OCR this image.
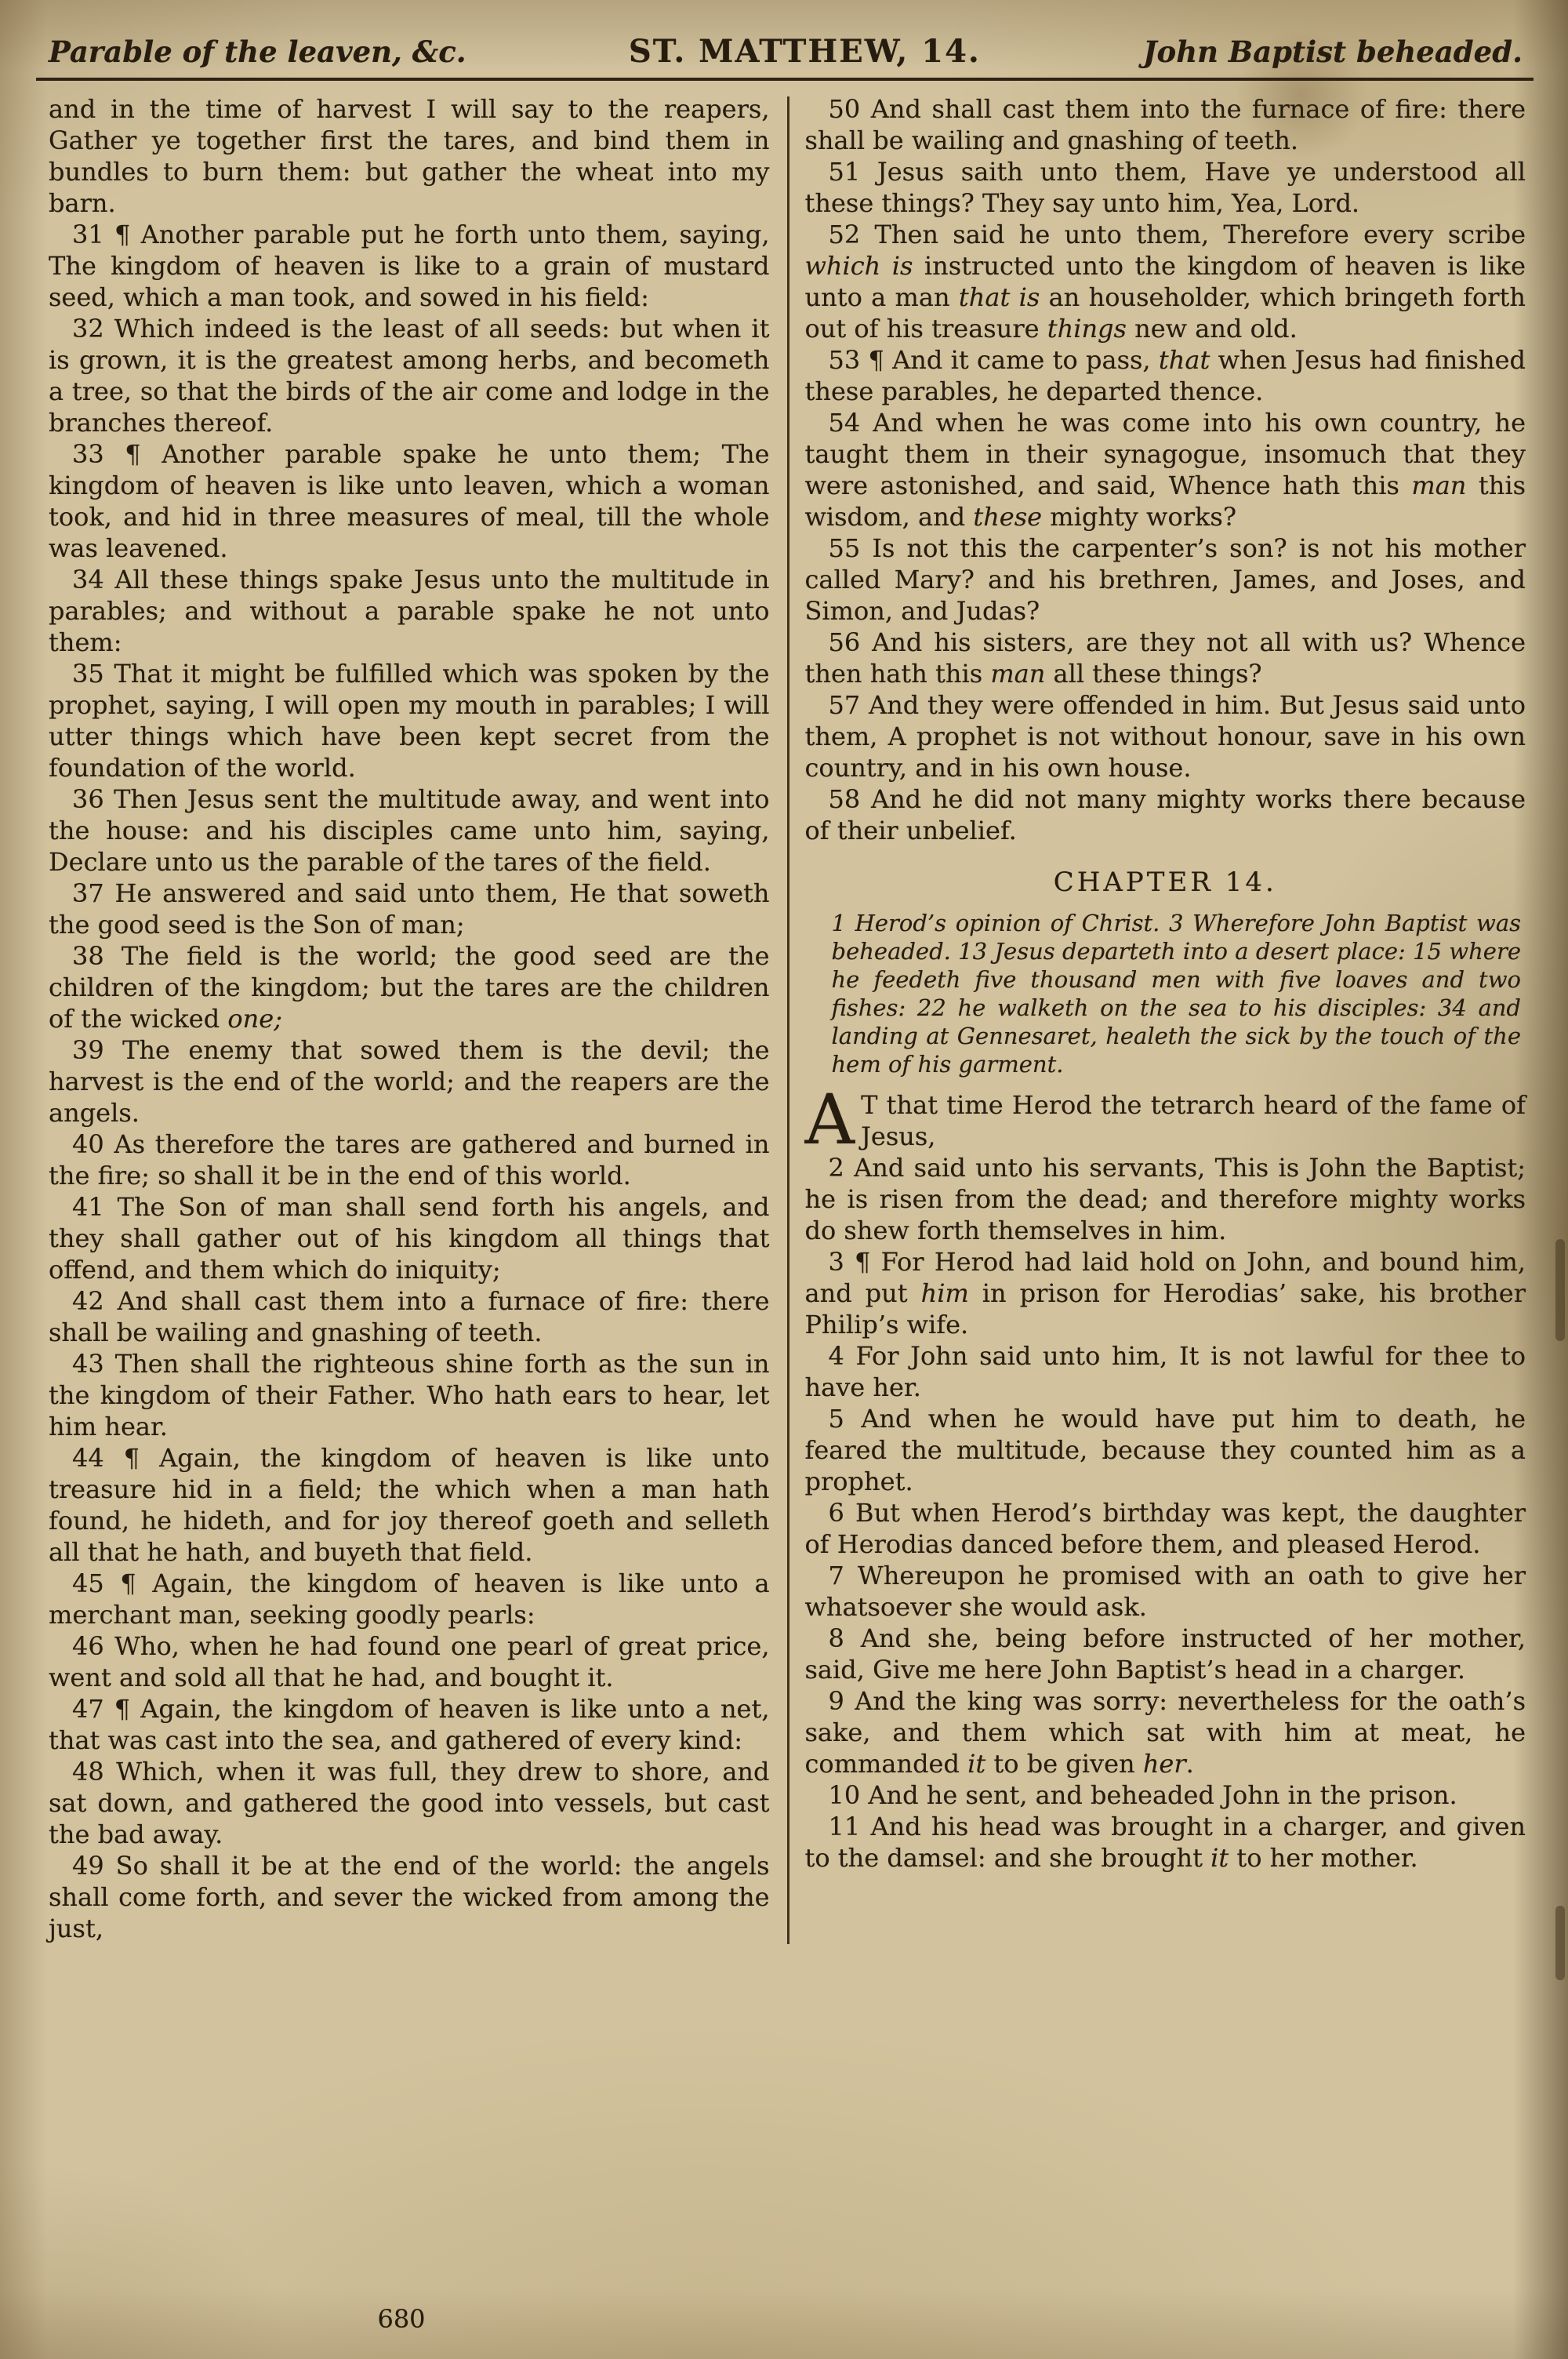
Parable of the leaven, &c.	ST. MATTHEW, 14.	John Baptist beheaded.

and in the time of harvest I will say to the reapers, Gather ye together first the tares, and bind them in bundles to burn them: but gather the wheat into my barn.

31 ¶ Another parable put he forth unto them, saying, The kingdom of heaven is like to a grain of mustard seed, which a man took, and sowed in his field:

32 Which indeed is the least of all seeds: but when it is grown, it is the greatest among herbs, and becometh a tree, so that the birds of the air come and lodge in the branches thereof.

33 ¶ Another parable spake he unto them; The kingdom of heaven is like unto leaven, which a woman took, and hid in three measures of meal, till the whole was leavened.

34 All these things spake Jesus unto the multitude in parables; and without a parable spake he not unto them:

35 That it might be fulfilled which was spoken by the prophet, saying, I will open my mouth in parables; I will utter things which have been kept secret from the foundation of the world.

36 Then Jesus sent the multitude away, and went into the house: and his disciples came unto him, saying, Declare unto us the parable of the tares of the field.

37 He answered and said unto them, He that soweth the good seed is the Son of man;

38 The field is the world; the good seed are the children of the kingdom; but the tares are the children of the wicked one;

39 The enemy that sowed them is the devil; the harvest is the end of the world; and the reapers are the angels.

40 As therefore the tares are gathered and burned in the fire; so shall it be in the end of this world.

41 The Son of man shall send forth his angels, and they shall gather out of his kingdom all things that offend, and them which do iniquity;

42 And shall cast them into a furnace of fire: there shall be wailing and gnashing of teeth.

43 Then shall the righteous shine forth as the sun in the kingdom of their Father. Who hath ears to hear, let him hear.

44 ¶ Again, the kingdom of heaven is like unto treasure hid in a field; the which when a man hath found, he hideth, and for joy thereof goeth and selleth all that he hath, and buyeth that field.

45 ¶ Again, the kingdom of heaven is like unto a merchant man, seeking goodly pearls:

46 Who, when he had found one pearl of great price, went and sold all that he had, and bought it.

47 ¶ Again, the kingdom of heaven is like unto a net, that was cast into the sea, and gathered of every kind:

48 Which, when it was full, they drew to shore, and sat down, and gathered the good into vessels, but cast the bad away.

49 So shall it be at the end of the world: the angels shall come forth, and sever the wicked from among the just,

50 And shall cast them into the furnace of fire: there shall be wailing and gnashing of teeth.

51 Jesus saith unto them, Have ye understood all these things? They say unto him, Yea, Lord.

52 Then said he unto them, Therefore every scribe which is instructed unto the kingdom of heaven is like unto a man that is an householder, which bringeth forth out of his treasure things new and old.

53 ¶ And it came to pass, that when Jesus had finished these parables, he departed thence.

54 And when he was come into his own country, he taught them in their synagogue, insomuch that they were astonished, and said, Whence hath this man this wisdom, and these mighty works?

55 Is not this the carpenter’s son? is not his mother called Mary? and his brethren, James, and Joses, and Simon, and Judas?

56 And his sisters, are they not all with us? Whence then hath this man all these things?

57 And they were offended in him. But Jesus said unto them, A prophet is not without honour, save in his own country, and in his own house.

58 And he did not many mighty works there because of their unbelief.

CHAPTER 14.

1 Herod’s opinion of Christ. 3 Wherefore John Baptist was beheaded. 13 Jesus departeth into a desert place: 15 where he feedeth five thousand men with five loaves and two fishes: 22 he walketh on the sea to his disciples: 34 and landing at Gennesaret, healeth the sick by the touch of the hem of his garment.

A T that time Herod the tetrarch heard of the fame of Jesus,

2 And said unto his servants, This is John the Baptist; he is risen from the dead; and therefore mighty works do shew forth themselves in him.

3 ¶ For Herod had laid hold on John, and bound him, and put him in prison for Herodias’ sake, his brother Philip’s wife.

4 For John said unto him, It is not lawful for thee to have her.

5 And when he would have put him to death, he feared the multitude, because they counted him as a prophet.

6 But when Herod’s birthday was kept, the daughter of Herodias danced before them, and pleased Herod.

7 Whereupon he promised with an oath to give her whatsoever she would ask.

8 And she, being before instructed of her mother, said, Give me here John Baptist’s head in a charger.

9 And the king was sorry: nevertheless for the oath’s sake, and them which sat with him at meat, he commanded it to be given her.

10 And he sent, and beheaded John in the prison.

11 And his head was brought in a charger, and given to the damsel: and she brought it to her mother.

680
